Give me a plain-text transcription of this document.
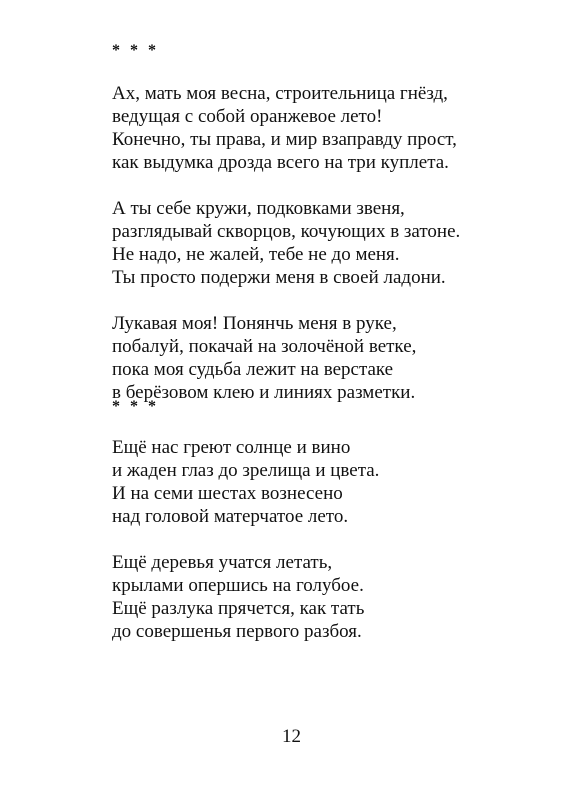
* * *
Ах, мать моя весна, строительница гнёзд,
ведущая с собой оранжевое лето!
Конечно, ты права, и мир взаправду прост,
как выдумка дрозда всего на три куплета.
А ты себе кружи, подковками звеня,
разглядывай скворцов, кочующих в затоне.
Не надо, не жалей, тебе не до меня.
Ты просто подержи меня в своей ладони.
Лукавая моя! Понянчь меня в руке,
побалуй, покачай на золочёной ветке,
пока моя судьба лежит на верстаке
в берёзовом клею и линиях разметки.
* * *
Ещё нас греют солнце и вино
и жаден глаз до зрелища и цвета.
И на семи шестах вознесено
над головой матерчатое лето.
Ещё деревья учатся летать,
крылами опершись на голубое.
Ещё разлука прячется, как тать
до совершенья первого разбоя.
12
